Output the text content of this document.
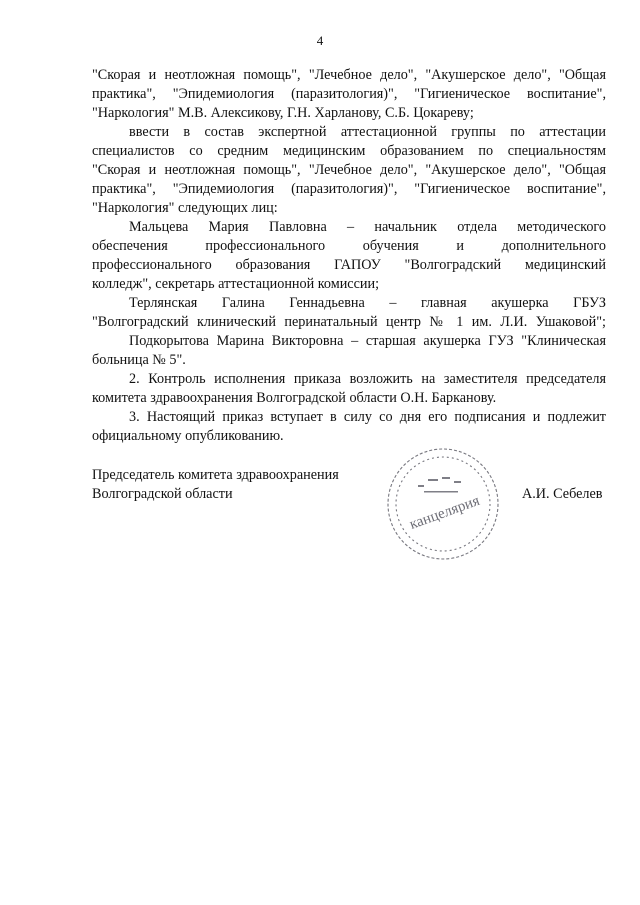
4
"Скорая и неотложная помощь", "Лечебное дело", "Акушерское дело", "Общая
практика", "Эпидемиология (паразитология)", "Гигиеническое воспитание",
"Наркология" М.В. Алексикову, Г.Н. Харланову, С.Б. Цокареву;
ввести в состав экспертной аттестационной группы по аттестации
специалистов со средним медицинским образованием по специальностям
"Скорая и неотложная помощь", "Лечебное дело", "Акушерское дело", "Общая
практика", "Эпидемиология (паразитология)", "Гигиеническое воспитание",
"Наркология" следующих лиц:
Мальцева Мария Павловна – начальник отдела методического
обеспечения профессионального обучения и дополнительного
профессионального образования ГАПОУ "Волгоградский медицинский
колледж", секретарь аттестационной комиссии;
Терлянская Галина Геннадьевна – главная акушерка ГБУЗ
"Волгоградский клинический перинатальный центр № 1 им. Л.И. Ушаковой";
Подкорытова Марина Викторовна – старшая акушерка ГУЗ "Клиническая
больница № 5".
2. Контроль исполнения приказа возложить на заместителя председателя
комитета здравоохранения Волгоградской области О.Н. Барканову.
3. Настоящий приказ вступает в силу со дня его подписания и подлежит
официальному опубликованию.
Председатель комитета здравоохранения
Волгоградской области	А.И. Себелев
канцелярия
